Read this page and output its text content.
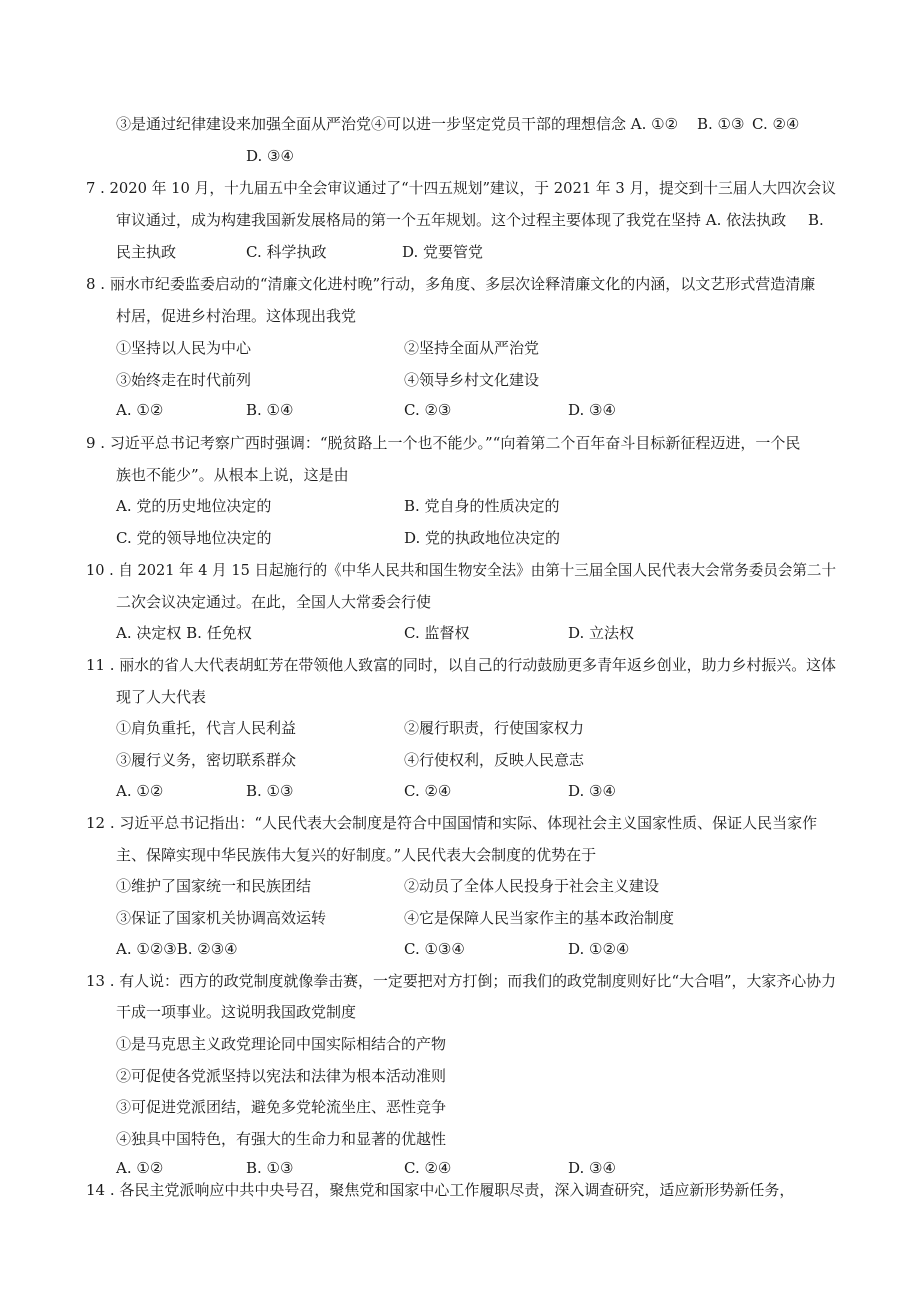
③是通过纪律建设来加强全面从严治党④可以进一步坚定党员干部的理想信念 A. ①② B. ①③ C. ②④
D. ③④
7 . 2020 年 10 月，十九届五中全会审议通过了“十四五规划”建议，于 2021 年 3 月，提交到十三届人大四次会议
审议通过，成为构建我国新发展格局的第一个五年规划。这个过程主要体现了我党在坚持 A. 依法执政 B.
民主执政	C. 科学执政	D. 党要管党
8 . 丽水市纪委监委启动的“清廉文化进村晚”行动，多角度、多层次诠释清廉文化的内涵，以文艺形式营造清廉
村居，促进乡村治理。这体现出我党
①坚持以人民为中心	②坚持全面从严治党
③始终走在时代前列	④领导乡村文化建设
A. ①②	B. ①④	C. ②③	D. ③④
9 . 习近平总书记考察广西时强调：“脱贫路上一个也不能少。”“向着第二个百年奋斗目标新征程迈进，一个民
族也不能少”。从根本上说，这是由
A. 党的历史地位决定的	B. 党自身的性质决定的
C. 党的领导地位决定的	D. 党的执政地位决定的
10 . 自 2021 年 4 月 15 日起施行的《中华人民共和国生物安全法》由第十三届全国人民代表大会常务委员会第二十
二次会议决定通过。在此，全国人大常委会行使
A. 决定权 B. 任免权	C. 监督权	D. 立法权
11 . 丽水的省人大代表胡虹芳在带领他人致富的同时，以自己的行动鼓励更多青年返乡创业，助力乡村振兴。这体
现了人大代表
①肩负重托，代言人民利益	②履行职责，行使国家权力
③履行义务，密切联系群众	④行使权利，反映人民意志
A. ①②	B. ①③	C. ②④	D. ③④
12 . 习近平总书记指出：“人民代表大会制度是符合中国国情和实际、体现社会主义国家性质、保证人民当家作
主、保障实现中华民族伟大复兴的好制度。”人民代表大会制度的优势在于
①维护了国家统一和民族团结	②动员了全体人民投身于社会主义建设
③保证了国家机关协调高效运转	④它是保障人民当家作主的基本政治制度
A. ①②③B. ②③④	C. ①③④	D. ①②④
13 . 有人说：西方的政党制度就像拳击赛，一定要把对方打倒；而我们的政党制度则好比“大合唱”，大家齐心协力
干成一项事业。这说明我国政党制度
①是马克思主义政党理论同中国实际相结合的产物
②可促使各党派坚持以宪法和法律为根本活动准则
③可促进党派团结，避免多党轮流坐庄、恶性竞争
④独具中国特色，有强大的生命力和显著的优越性
A. ①②	B. ①③	C. ②④	D. ③④
14 . 各民主党派响应中共中央号召，聚焦党和国家中心工作履职尽责，深入调查研究，适应新形势新任务，
